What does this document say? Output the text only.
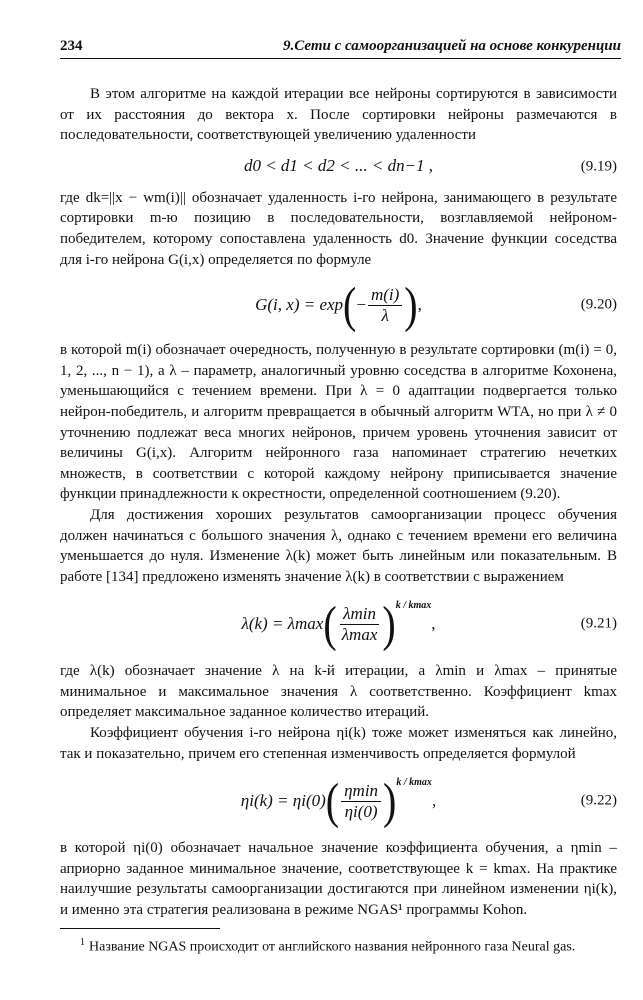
234	9.Сети с самоорганизацией на основе конкуренции

В этом алгоритме на каждой итерации все нейроны сортируются в зависимости от их расстояния до вектора x. После сортировки нейроны размечаются в последовательности, соответствующей увеличению удаленности

d0 < d1 < d2 < ... < dn−1 ,	(9.19)

где dk=||x − wm(i)|| обозначает удаленность i-го нейрона, занимающего в результате сортировки m-ю позицию в последовательности, возглавляемой нейроном-победителем, которому сопоставлена удаленность d0. Значение функции соседства для i-го нейрона G(i,x) определяется по формуле

G(i, x) = exp ( − $\frac{m(i)}{\lambda}$ ) ,	(9.20)

в которой m(i) обозначает очередность, полученную в результате сортировки (m(i) = 0, 1, 2, ..., n − 1), а λ – параметр, аналогичный уровню соседства в алгоритме Кохонена, уменьшающийся с течением времени. При λ = 0 адаптации подвергается только нейрон-победитель, и алгоритм превращается в обычный алгоритм WTA, но при λ ≠ 0 уточнению подлежат веса многих нейронов, причем уровень уточнения зависит от величины G(i,x). Алгоритм нейронного газа напоминает стратегию нечетких множеств, в соответствии с которой каждому нейрону приписывается значение функции принадлежности к окрестности, определенной соотношением (9.20).

Для достижения хороших результатов самоорганизации процесс обучения должен начинаться с большого значения λ, однако с течением времени его величина уменьшается до нуля. Изменение λ(k) может быть линейным или показательным. В работе [134] предложено изменять значение λ(k) в соответствии с выражением

λ(k) = λmax ( $\frac{\lambda\min}{\lambda\max} )^{k / kmax}$
,	(9.21)

где λ(k) обозначает значение λ на k-й итерации, а λmin и λmax – принятые минимальное и максимальное значения λ соответственно. Коэффициент kmax определяет максимальное заданное количество итераций.

Коэффициент обучения i-го нейрона ηi(k) тоже может изменяться как линейно, так и показательно, причем его степенная изменчивость определяется формулой

ηi(k) = ηi(0) ( $\frac{\eta\min}{\eta i(0)} )^{k / kmax}$
,	(9.22)

в которой ηi(0) обозначает начальное значение коэффициента обучения, а ηmin – априорно заданное минимальное значение, соответствующее k = kmax. На практике наилучшие результаты самоорганизации достигаются при линейном изменении ηi(k), и именно эта стратегия реализована в режиме NGAS¹ программы Kohon.

$^1$ Название NGAS происходит от английского названия нейронного газа Neural gas.
